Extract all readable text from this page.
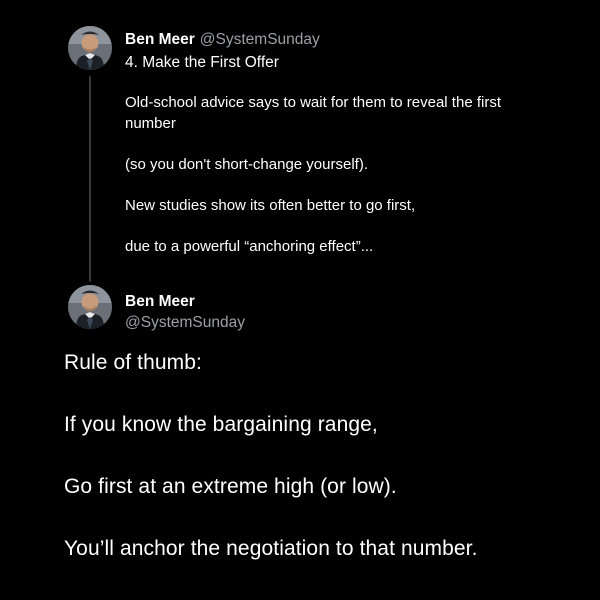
Ben Meer @SystemSunday
4. Make the First Offer

Old-school advice says to wait for them to reveal the first number

(so you don't short-change yourself).

New studies show its often better to go first,

due to a powerful “anchoring effect”...

Ben Meer
@SystemSunday

Rule of thumb:

If you know the bargaining range,

Go first at an extreme high (or low).

You’ll anchor the negotiation to that number.
